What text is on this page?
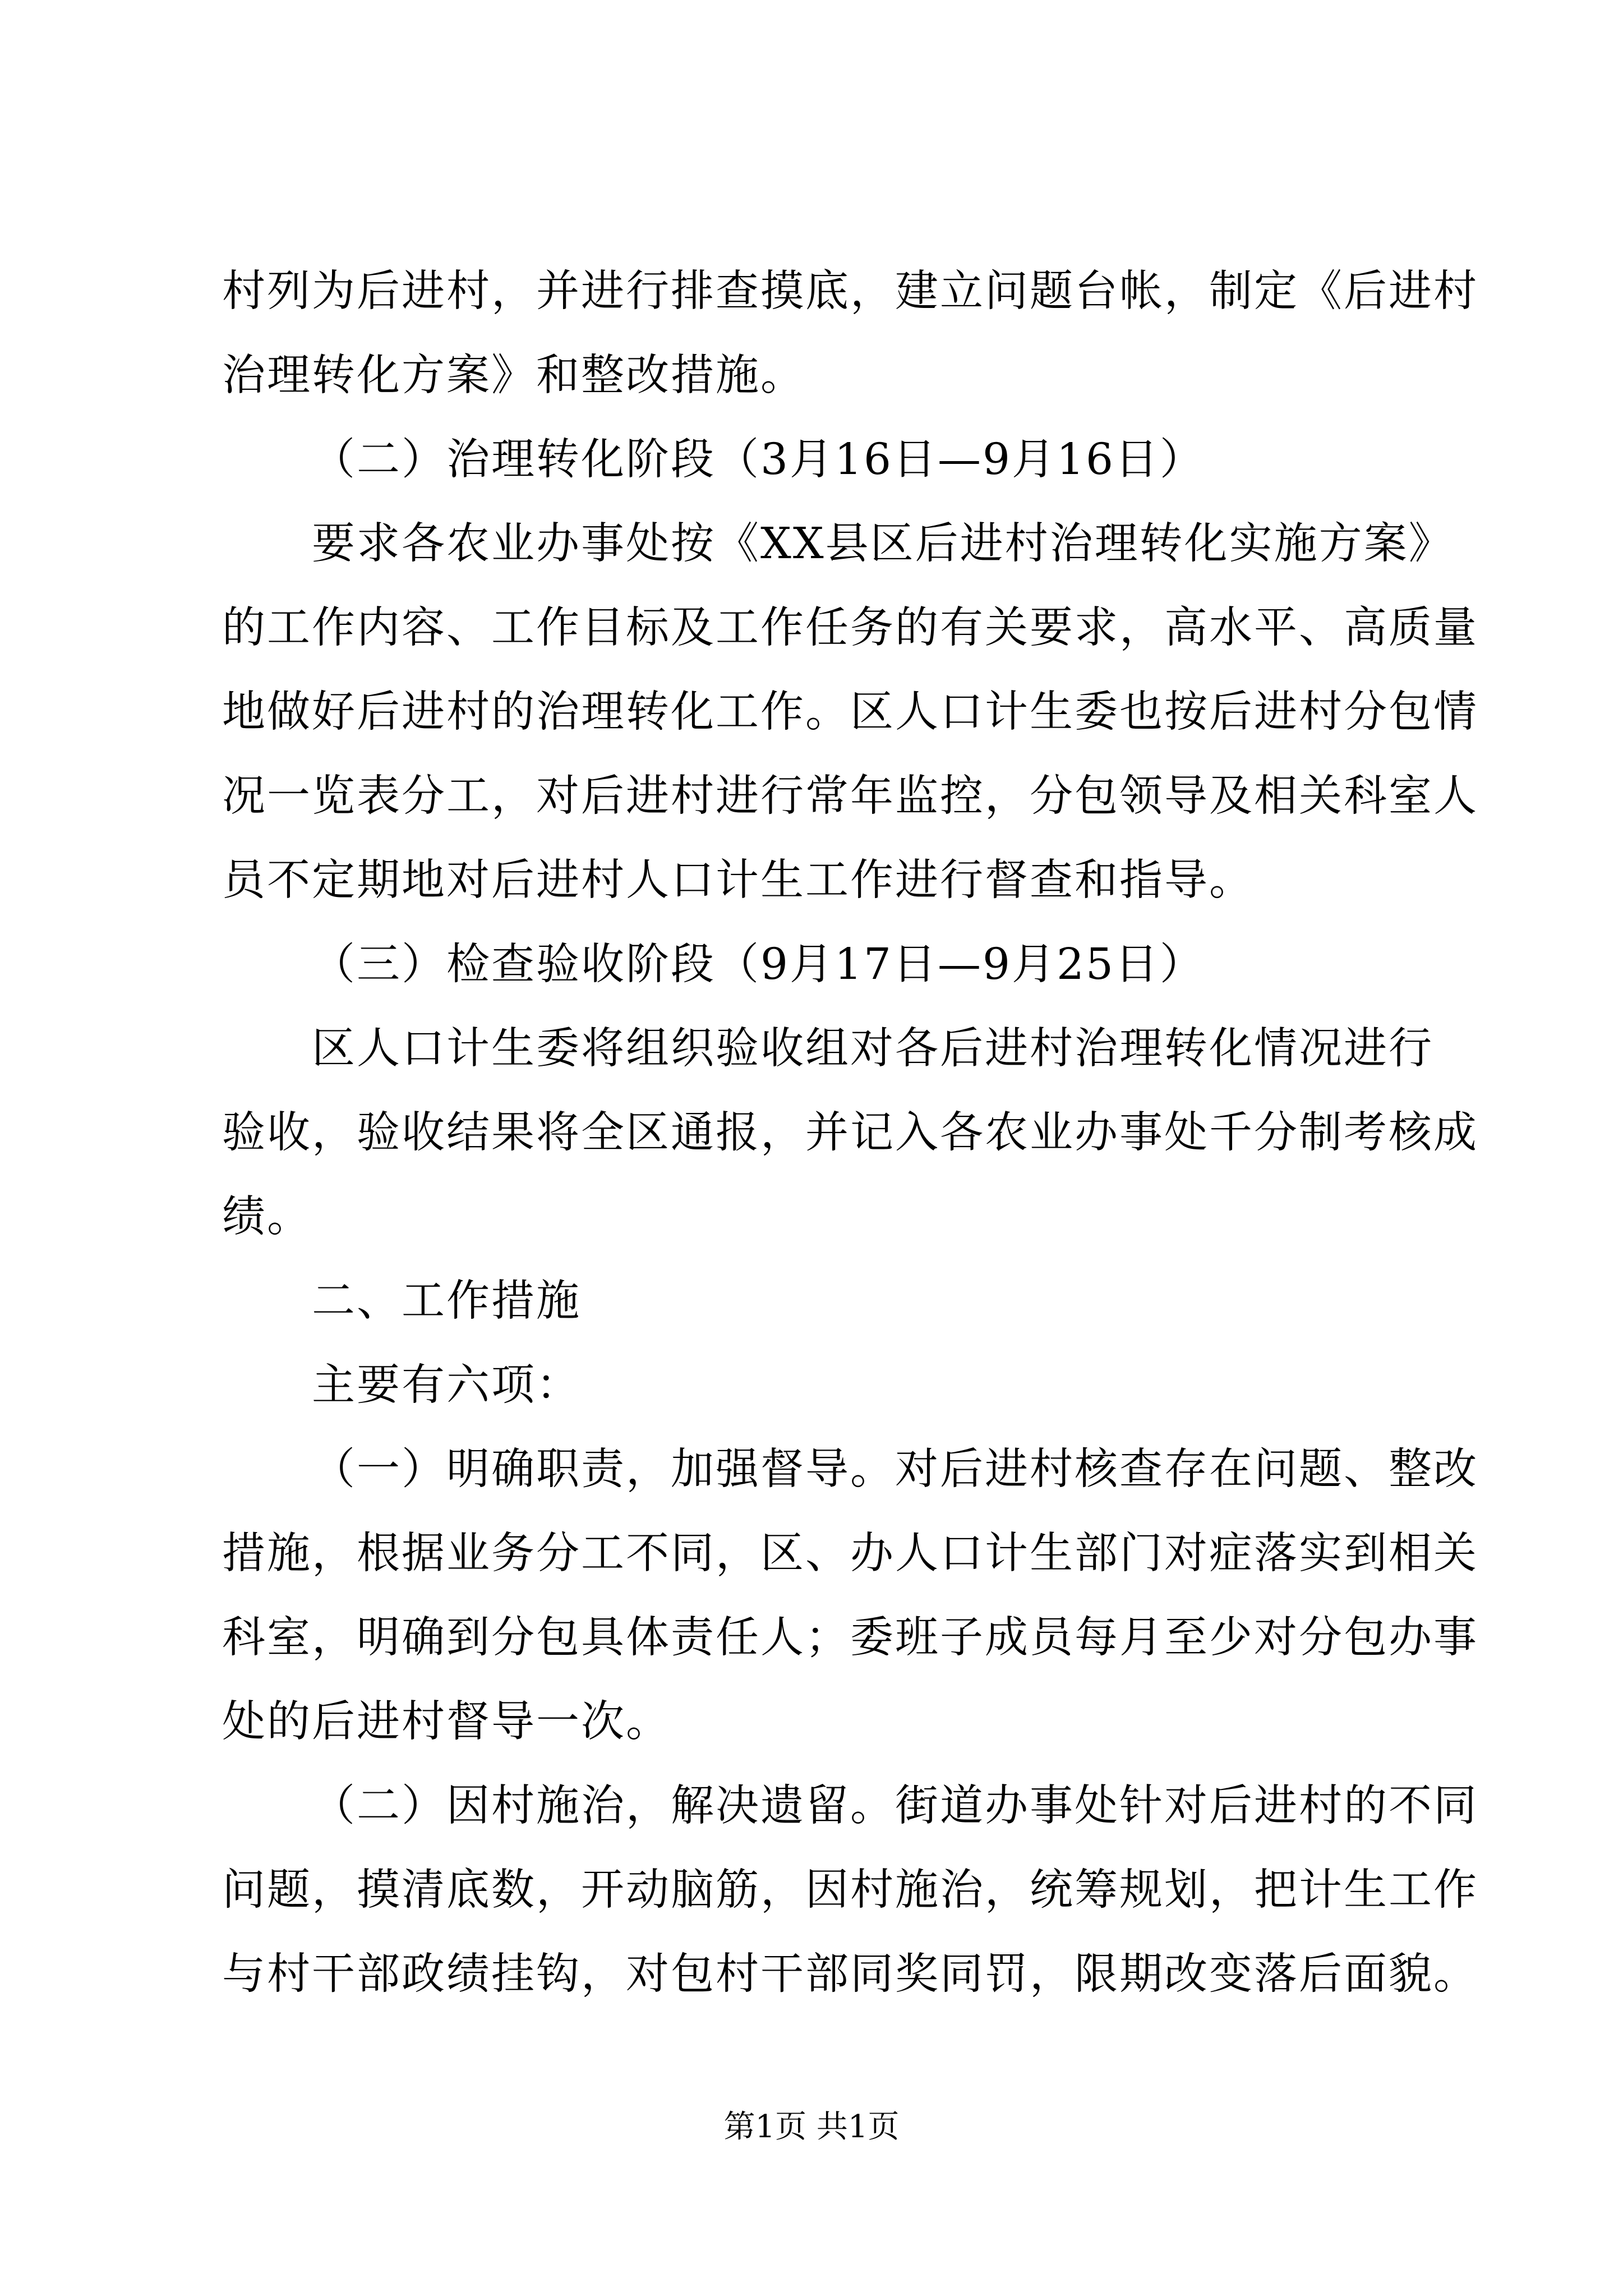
村列为后进村，并进行排查摸底，建立问题台帐，制定《后进村
治理转化方案》和整改措施。
（二）治理转化阶段（3月16日—9月16日）
要求各农业办事处按《XX县区后进村治理转化实施方案》
的工作内容、工作目标及工作任务的有关要求，高水平、高质量
地做好后进村的治理转化工作。区人口计生委也按后进村分包情
况一览表分工，对后进村进行常年监控，分包领导及相关科室人
员不定期地对后进村人口计生工作进行督查和指导。
（三）检查验收阶段（9月17日—9月25日）
区人口计生委将组织验收组对各后进村治理转化情况进行
验收，验收结果将全区通报，并记入各农业办事处千分制考核成
绩。
二、工作措施
主要有六项：
（一）明确职责，加强督导。对后进村核查存在问题、整改
措施，根据业务分工不同，区、办人口计生部门对症落实到相关
科室，明确到分包具体责任人；委班子成员每月至少对分包办事
处的后进村督导一次。
（二）因村施治，解决遗留。街道办事处针对后进村的不同
问题，摸清底数，开动脑筋，因村施治，统筹规划，把计生工作
与村干部政绩挂钩，对包村干部同奖同罚，限期改变落后面貌。
第1页 共1页
